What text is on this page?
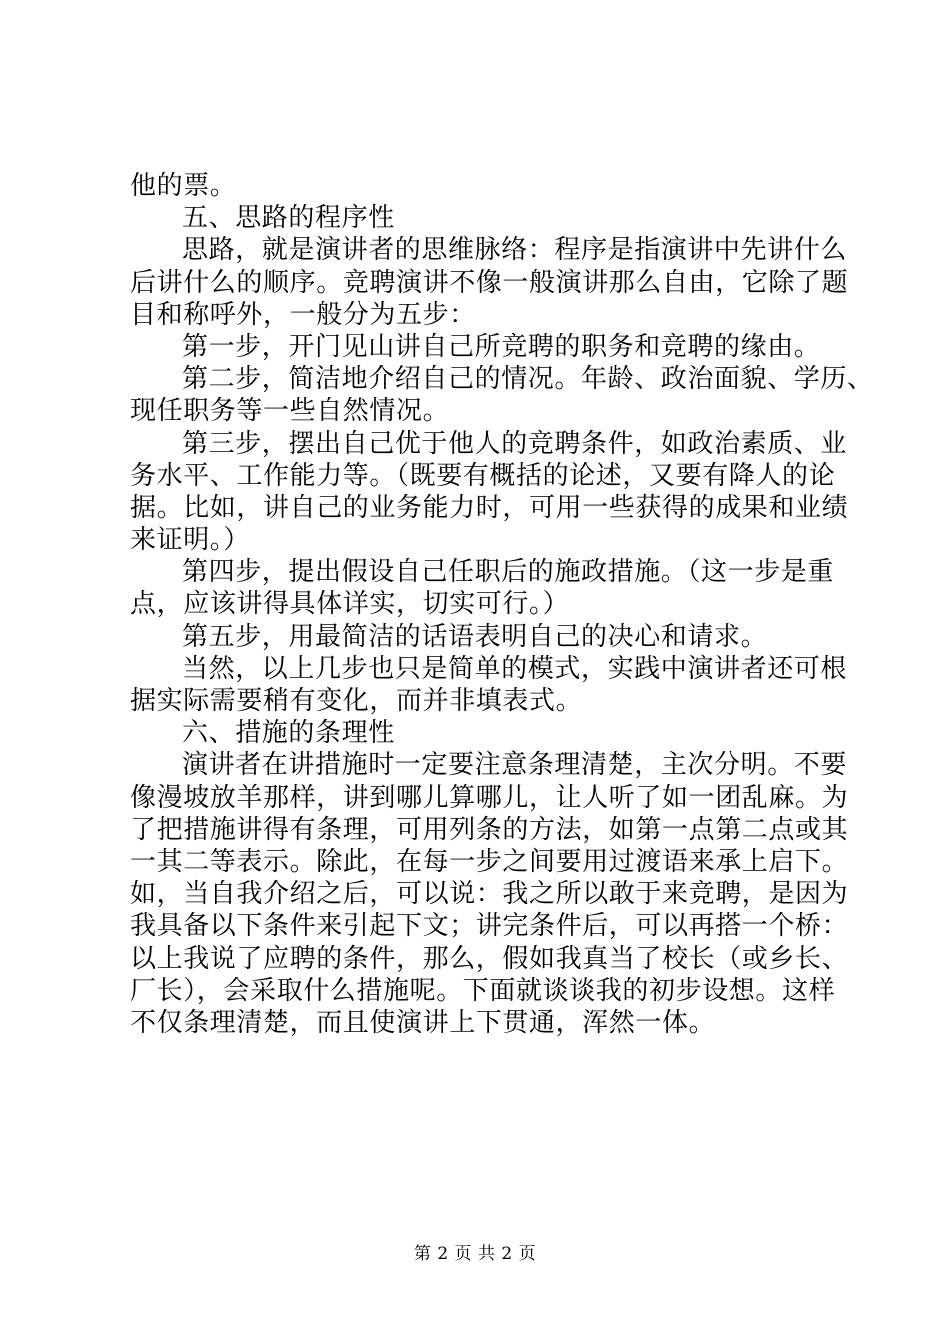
他的票。
五、思路的程序性
思路，就是演讲者的思维脉络：程序是指演讲中先讲什么
后讲什么的顺序。竞聘演讲不像一般演讲那么自由，它除了题
目和称呼外，一般分为五步：
第一步，开门见山讲自己所竞聘的职务和竞聘的缘由。
第二步，简洁地介绍自己的情况。年龄、政治面貌、学历、
现任职务等一些自然情况。
第三步，摆出自己优于他人的竞聘条件，如政治素质、业
务水平、工作能力等。（既要有概括的论述，又要有降人的论
据。比如，讲自己的业务能力时，可用一些获得的成果和业绩
来证明。）
第四步，提出假设自己任职后的施政措施。（这一步是重
点，应该讲得具体详实，切实可行。）
第五步，用最简洁的话语表明自己的决心和请求。
当然，以上几步也只是简单的模式，实践中演讲者还可根
据实际需要稍有变化，而并非填表式。
六、措施的条理性
演讲者在讲措施时一定要注意条理清楚，主次分明。不要
像漫坡放羊那样，讲到哪儿算哪儿，让人听了如一团乱麻。为
了把措施讲得有条理，可用列条的方法，如第一点第二点或其
一其二等表示。除此，在每一步之间要用过渡语来承上启下。
如，当自我介绍之后，可以说：我之所以敢于来竞聘，是因为
我具备以下条件来引起下文；讲完条件后，可以再搭一个桥：
以上我说了应聘的条件，那么，假如我真当了校长（或乡长、
厂长），会采取什么措施呢。下面就谈谈我的初步设想。这样
不仅条理清楚，而且使演讲上下贯通，浑然一体。
第 2 页 共 2 页
